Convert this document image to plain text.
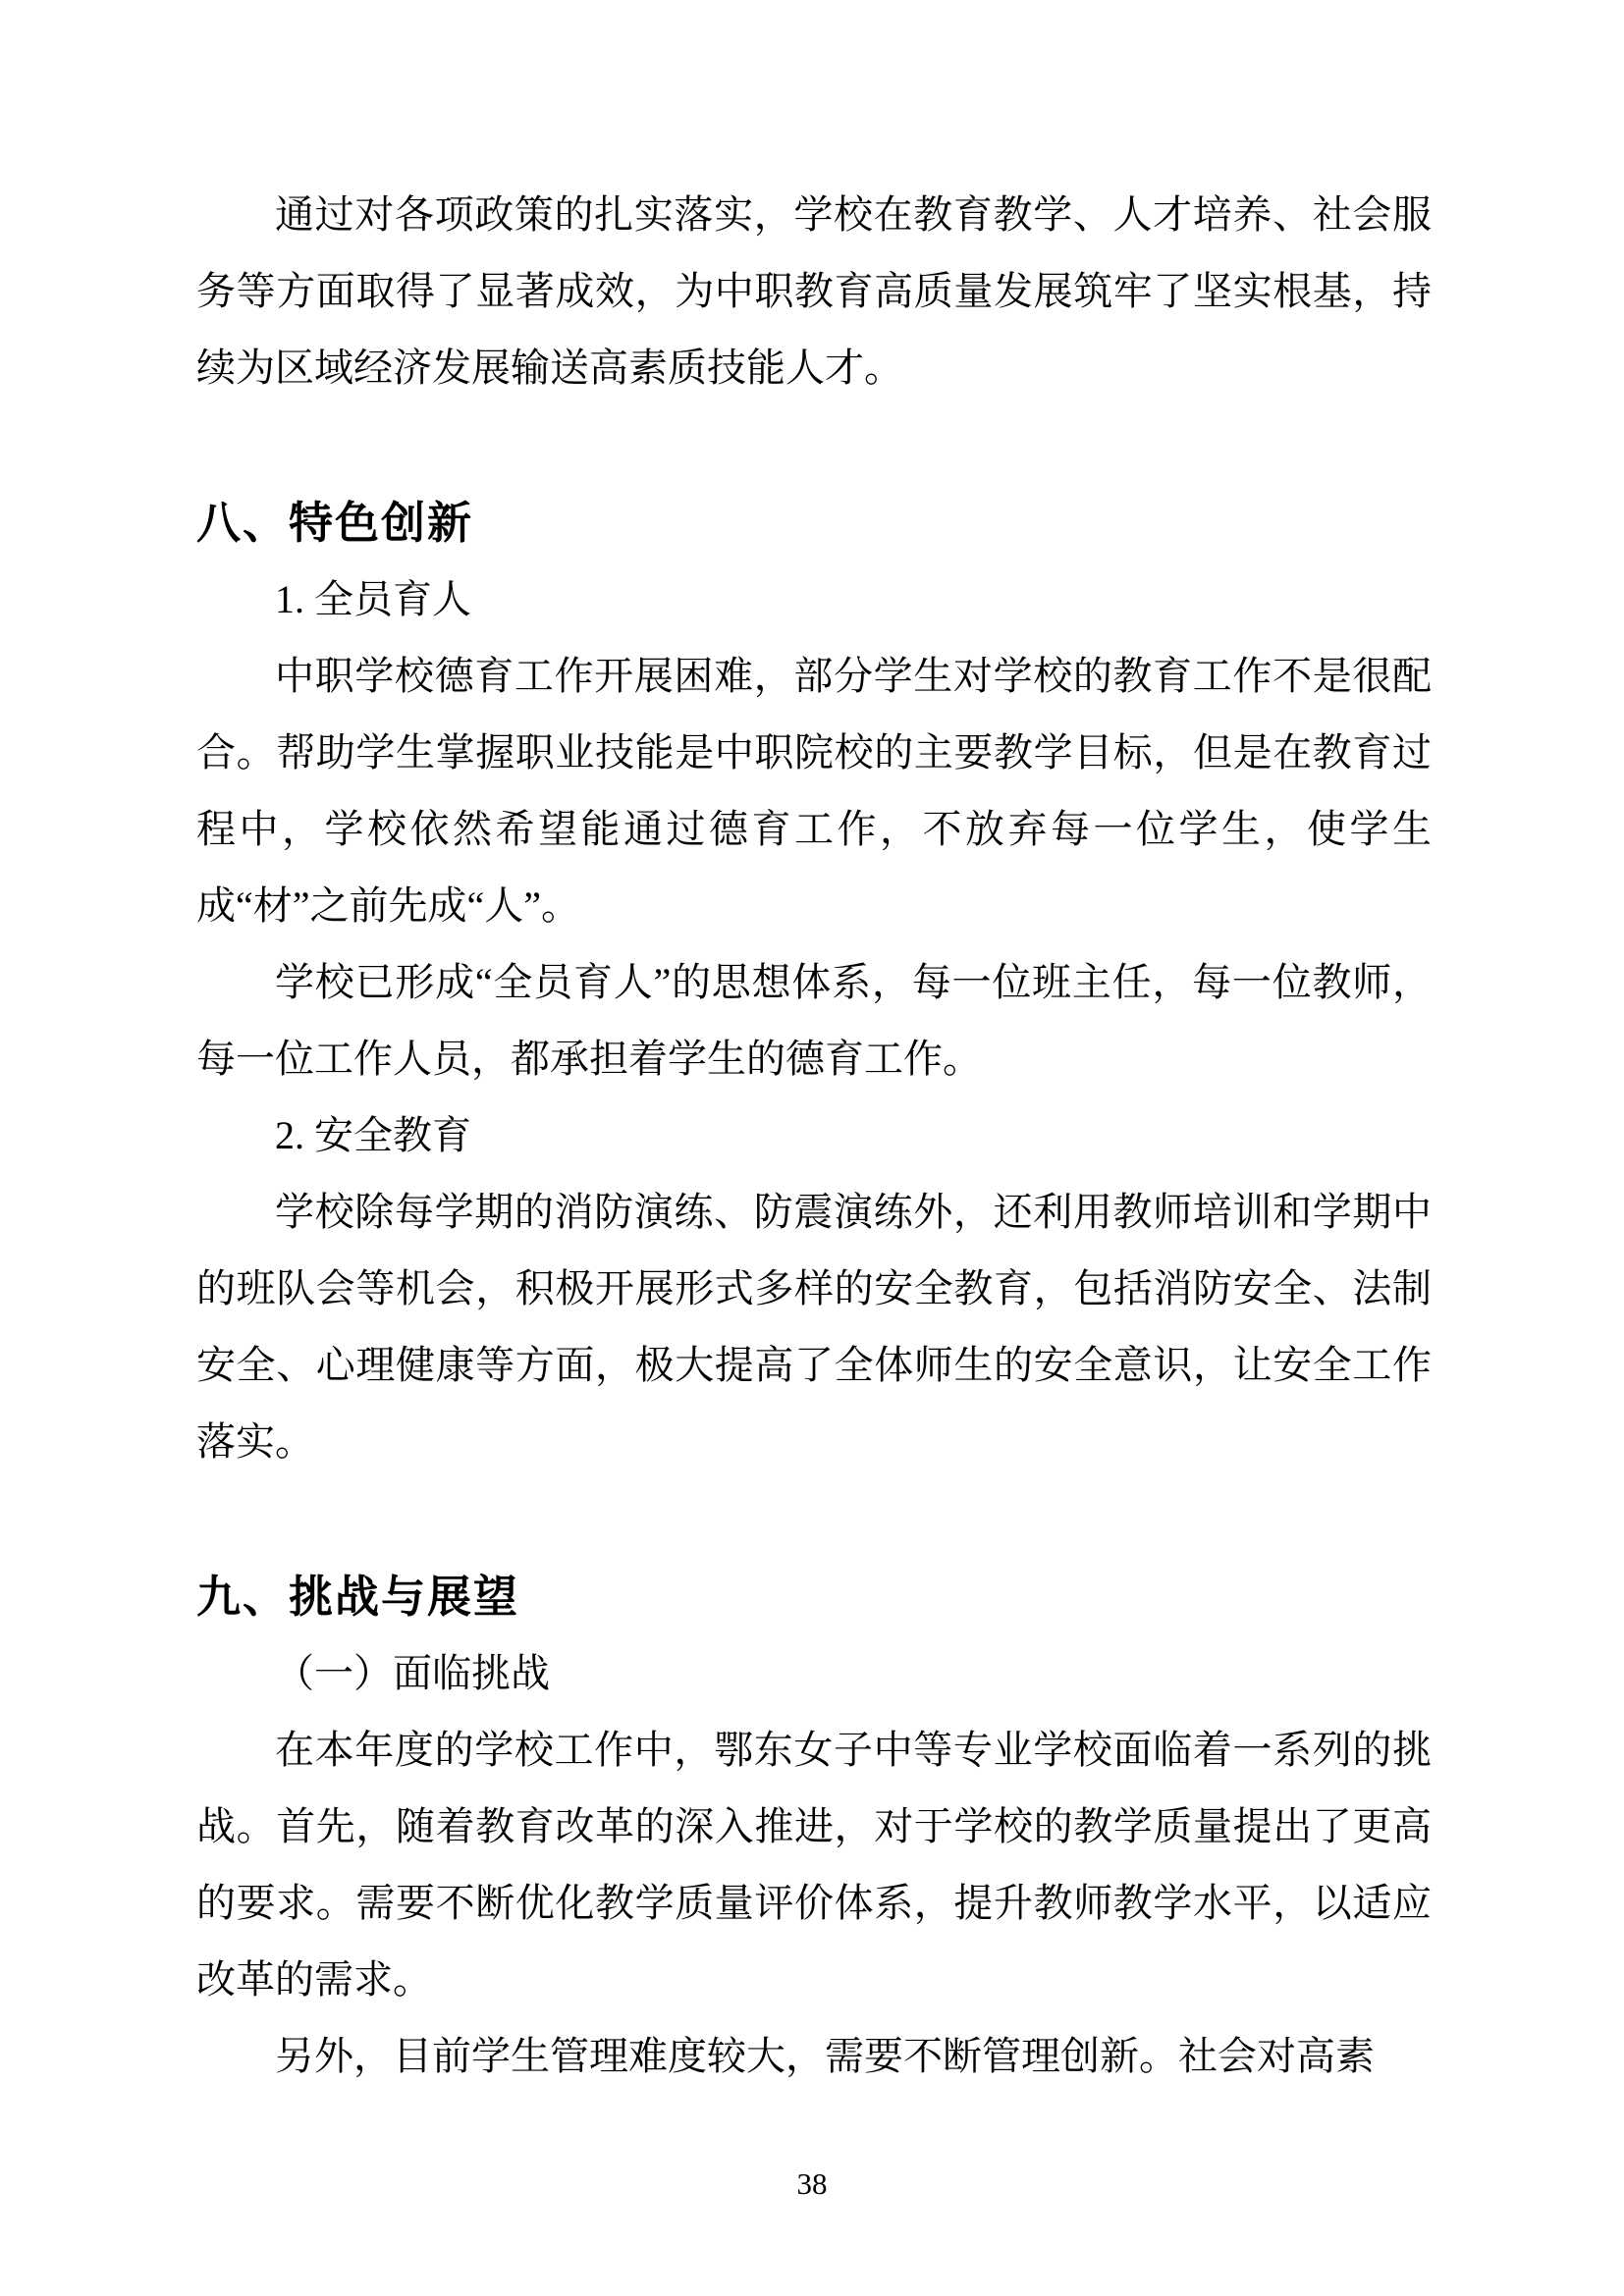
通过对各项政策的扎实落实，学校在教育教学、人才培养、社会服务等方面取得了显著成效，为中职教育高质量发展筑牢了坚实根基，持续为区域经济发展输送高素质技能人才。

八、特色创新

1. 全员育人

中职学校德育工作开展困难，部分学生对学校的教育工作不是很配合。帮助学生掌握职业技能是中职院校的主要教学目标，但是在教育过程中，学校依然希望能通过德育工作，不放弃每一位学生，使学生成“材”之前先成“人”。

学校已形成“全员育人”的思想体系，每一位班主任，每一位教师，每一位工作人员，都承担着学生的德育工作。

2. 安全教育

学校除每学期的消防演练、防震演练外，还利用教师培训和学期中的班队会等机会，积极开展形式多样的安全教育，包括消防安全、法制安全、心理健康等方面，极大提高了全体师生的安全意识，让安全工作落实。

九、挑战与展望

（一）面临挑战

在本年度的学校工作中，鄂东女子中等专业学校面临着一系列的挑战。首先，随着教育改革的深入推进，对于学校的教学质量提出了更高的要求。需要不断优化教学质量评价体系，提升教师教学水平，以适应改革的需求。

另外，目前学生管理难度较大，需要不断管理创新。社会对高素

38
